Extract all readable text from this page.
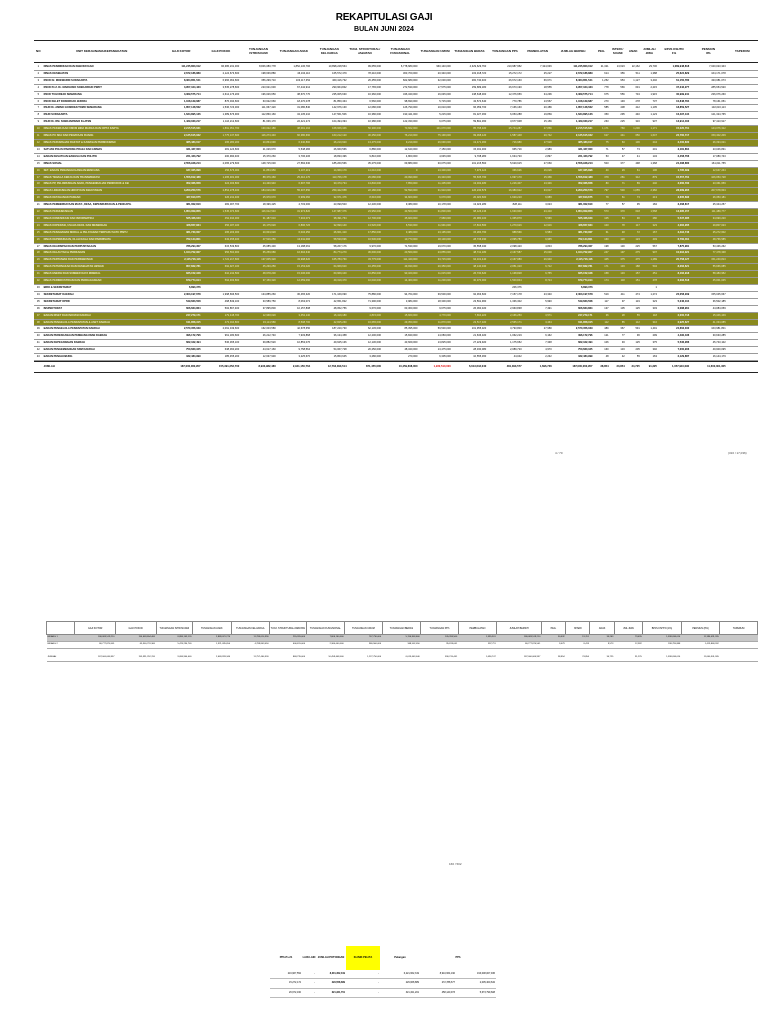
REKAPITULASI GAJI
BULAN JUNI 2024
NO	UNIT KERJA/NAMA/KEPANGKATAN	GAJI KOTOR	GAJI POKOK	TUNJANGAN ISTRI/SUAMI	TUNJANGAN ANAK	TUNJANGAN KELUARGA	TUNJ. STRUKTURAL/ JABATAN	TUNJANGAN FUNGSIONAL	TUNJANGAN UMUM	TUNJANGAN BERAS	TUNJANGAN PPh	PEMBULATAN	JUMLAH BERSIH	PEG.	ISTERI / SUAMI	ANAK	JUMLAH JIWA	BPJS KSHTN
1%	PENSIUN
8%	TAPERUM

1	DINAS PENDIDIKAN DAN KEBUDAYAAN	111,245,803,012	96,386,231,300	8,846,080,778	1,852,136,796	10,898,228,564	99,655,000	6,778,680,000	960,140,000	4,329,629,760	210,987,952	7,324,636	111,245,803,012	21,321	13,623	22,162	29,706	1,089,948,818	7,040,023,343	
2	DINAS KESEHATAN	2,672,186,889	2,124,673,600	198,636,880	46,164,110	165,572,479	78,210,000	303,700,000	20,340,000	103,318,720	15,272,172	25,227	2,672,186,889	614	356	511	1,388	25,624,829	164,171,078	
3	RSUD Dr. MOEWARDI SURAKARTA	8,364,851,541	6,966,062,600	356,299,710	103,117,352	460,416,732	26,455,000	822,680,000	32,030,000	282,740,400	26,672,160	66,671	8,364,851,541	1,252	953	1,127	3,402	61,150,780	433,081,073	
4	RSUD Prof. Dr. MARGONO SOEKARDJO PWKT	3,957,344,433	3,535,278,600	223,621,630	67,442,912	290,964,842	17,765,000	272,530,000	17,575,000	159,689,180	26,673,190	18,555	3,957,344,433	778	566	631	2,215	37,242,277	285,654,520	
5	RSUD TUGUREJO SEMARANG	3,369,575,714	2,612,176,200	196,026,650	38,670,770	235,005,630	16,360,000	346,340,000	16,045,000	138,648,300	12,376,656	34,296	3,369,575,714	675	556	734	1,915	30,999,941	236,076,260	
6	RSUD KELET DONOROJO JEPARA	1,108,129,687	876,034,600	63,622,660	18,470,078	81,850,434	6,560,000	98,690,000	5,715,000	43,574,640	770,786	13,567	1,108,129,687	270	193	278	737	10,848,784	78,161,051	
7	RSJD Dr. AMINO GONDOHUTOMO SEMARANG	1,857,148,562	1,536,723,300	111,667,420	31,080,840	142,976,130	12,080,000	126,790,000	10,010,000	66,059,700	7,166,160	20,486	1,857,148,562	585	408	412	1,105	18,859,527	132,016,113	
8	RSJD SURAKARTA	1,634,895,136	1,389,676,900	112,860,160	34,135,210	147,561,506	16,380,000	193,441,000	5,215,000	81,327,360	6,053,288	19,869	1,634,895,136	350	295	440	1,123	16,497,134	121,324,765	
9	RSJD Dr. RM. SOEDJARWADI KLATEN	1,429,030,217	1,116,212,600	81,636,170	22,421,274	104,494,394	10,380,000	122,330,000	6,075,000	59,891,360	3,677,608	15,166	1,429,030,217	263	225	316	937	13,914,402	97,413,917	
10	DINAS PEKERJAAN UMUM BINA MARGA DAN CIPTA KARYA	2,215,515,631	1,891,051,700	130,022,180	38,091,164	168,666,346	56,390,000	70,662,000	101,070,000	85,768,320	25,744,287	27,866	2,215,515,631	1,171	760	1,200	1,171	15,220,761	144,076,312	
11	DINAS PU SDA DAN PENATAAN RUANG	2,135,615,032	1,775,137,600	116,273,440	66,380,660	163,212,120	30,250,000	76,210,000	75,190,000	99,068,120	1,587,448	20,742	2,135,615,032	617	441	650	1,647	22,760,717	150,402,209	
12	DINAS PERUMAHAN RAKYAT & KAWASAN PERMUKIMAN	385,483,017	295,280,200	20,864,690	6,340,890	26,210,920	13,475,000	9,219,000	26,690,000	13,471,360	716,980	17,520	385,483,017	75	63	106	244	3,400,830	26,394,021	
13	SATUAN POLISI PAMONG PRAJA DAN LINMAS	331,427,000	281,124,600	21,026,670	5,548,286	26,660,566	6,880,000	12,640,000	7,150,000	15,031,300	965,719	2,989	331,427,000	71	57	73	201	3,181,864	23,046,831	
14	BADAN KESATUAN BANGSA DAN POLITIK	221,423,792	200,990,400	15,370,260	3,706,236	18,833,496	9,810,000	4,800,000	4,645,000	9,708,280	1,634,720	2,897	221,423,792	53	47	41	134	2,458,766	17,080,743	
15	DINAS SOSIAL	2,556,948,213	2,065,279,600	148,715,030	27,584,630	185,260,566	35,275,000	69,880,000	30,075,000	101,215,560	5,629,915	27,660	2,556,948,213	503	377	498	1,368	24,488,880	161,011,755	
16	SET. BADAN PENANGGULANGAN BENCANA	187,365,898	156,676,000	11,853,950	3,107,219	14,960,179	14,010,000	0	13,300,000	7,976,124	366,626	16,026	187,365,898	40	29	61	106	1,785,399	12,647,244	
17	DINAS TENAGA KERJA DAN TRANSMIGRASI	1,556,812,488	1,265,481,300	88,376,460	25,410,170	113,766,178	26,080,000	20,090,000	16,340,000	55,635,760	1,697,170	15,366	1,556,812,488	379	281	312	879	15,557,761	106,053,728	
18	DINAS PP, PELINDUNGAN ANAK, PENGENDALIAN PENDUDUK & KB	352,366,658	324,033,800	24,430,940	6,697,796	30,473,734	13,840,000	7,850,000	11,405,000	13,032,480	1,216,407	13,346	352,366,658	80	71	89	240	3,060,790	23,361,659	
19	DINAS LINGKUNGAN HIDUP DAN KEHUTANAN	3,200,250,576	2,854,278,400	184,616,080	55,307,650	259,422,658	22,180,000	52,590,000	31,910,000	126,230,576	16,380,912	33,617	3,200,250,576	797	530	1,055	2,382	28,089,965	207,678,604	
20	DINAS KETAHANAN PANGAN	427,813,675	326,241,400	25,970,670	6,999,060	32,971,476	8,616,000	34,600,000	6,070,000	20,020,600	1,620,210	6,689	427,813,675	79	61	73	213	3,605,692	26,353,181	
21	DINAS PEMBERDAYAAN MASY., DESA, KEPENDUDUKAN & PENCAPIL	381,002,810	282,007,700	18,396,425	4,703,000	23,099,503	12,230,000	9,380,000	10,178,000	13,023,280	828,111	3,023	381,002,810	77	57	95	184	3,468,817	25,344,257	
22	DINAS PERHUBUNGAN	1,854,009,856	1,545,074,600	116,612,540	31,974,820	147,987,376	23,950,000	43,500,000	31,800,000	68,126,136	1,630,900	23,410	1,854,009,856	573	370	618	1,568	13,385,157	111,489,777	
23	DINAS KOMUNIKASI DAN INFORMATIKA	525,426,043	452,944,300	31,187,610	7,304,073	38,491,764	12,700,000	45,920,000	7,980,000	20,980,100	1,365,870	5,566	525,426,043	105	84	90	280	5,537,385	34,990,220	
24	DINAS KOPERASI, USAHA KECIL DAN MENENGAH	428,657,834	356,187,100	26,175,620	6,896,726	32,990,140	13,520,000	6,530,000	11,991,000	17,810,560	1,270,916	12,916	428,657,834	103	78	117	323	4,284,265	29,807,023	
25	DINAS PENANAMAN MODAL & PELAYANAN TERPADU SATU PINTU	381,730,007	295,203,300	20,604,620	6,034,250	26,601,410	17,850,000	3,480,000	13,195,000	15,284,760	988,569	6,583	381,730,007	61	48	72	167	3,494,746	25,272,602	
26	DINAS KEPEMUDAAN, OLAH RAGA DAN PARIWISATA	762,144,801	643,455,400	47,516,250	10,911,096	58,530,696	16,530,000	10,773,000	18,130,000	28,736,330	2,095,780	6,965	762,144,801	160	120	123	403	6,760,461	48,766,585	
27	DINAS KEARSIPAN DAN PERPUSTAKAAN	786,294,307	615,539,800	45,085,430	13,188,061	58,267,176	9,970,000	71,530,000	19,670,000	35,558,040	2,098,420	4,843	786,294,307	198	130	225	567	7,875,981	53,436,262	
28	DINAS KELAUTAN & PERIKANAN	1,104,702,907	956,560,900	65,259,680	16,694,640	84,774,270	36,600,000	20,560,000	23,855,000	48,741,180	2,167,587	15,030	1,104,702,907	247	197	275	907	10,094,021	77,478,338	
29	DINAS PERTANIAN DAN PERKEBUNAN	2,115,716,116	1,722,217,600	137,005,320	43,998,620	165,783,760	33,775,000	111,440,000	33,715,000	94,101,440	2,167,080	26,940	2,115,716,116	445	375	475	1,289	20,758,127	151,240,813	
30	DINAS PETERNAKAN DAN KESEHATAN HEWAN	857,822,781	692,927,100	45,230,250	15,153,020	64,969,910	16,455,000	49,930,000	20,350,000	38,140,040	2,051,310	6,712	857,822,781	171	133	188	504	8,262,621	55,666,085	
31	DINAS ENERGI DAN SUMBER DAYA MINERAL	835,152,348	610,242,500	48,678,200	15,036,000	60,969,100	16,850,000	93,320,000	11,015,000	26,730,620	1,138,828	6,755	835,152,348	158	133	157	451	8,162,918	58,483,952	
32	DINAS PERINDUSTRIAN DAN PERDAGANGAN	679,774,914	594,933,800	37,150,320	12,059,060	49,319,470	10,040,000	14,460,000	11,200,000	30,370,000	1,500,844	8,714	679,774,914	174	118	151	478	6,293,518	45,001,045	
33	BIRO & SEKRETARIAT	6,893,376									206,376		6,893,376				1			
34	SEKRETARIAT DAERAH	2,303,197,678	1,998,696,500	134,885,260	36,465,320	171,169,090	75,880,000	94,764,000	39,500,000	92,363,600	7,157,178	23,340	2,303,197,678	519	411	474	1,274	22,058,299	155,045,667	
35	SEKRETARIAT DPRD	549,663,508	468,849,100	33,589,750	8,063,072	42,651,822	71,390,000	3,984,000	18,300,000	23,591,960	1,336,302	5,990	549,663,508	117	97	119	323	5,246,104	36,502,185	
36	INSPEKTORAT	606,664,864	502,867,400	37,895,800	10,157,808	48,052,756	9,670,000	63,360,000	9,675,000	26,060,320	2,963,838	7,491	606,664,864	137	105	125	303	6,088,961	44,084,059	
37	BADAN RISET DAN INOVASI DAERAH	247,279,171	179,448,700	12,968,020	3,452,140	16,419,180	4,815,000	15,660,000	4,770,000	7,664,220	2,166,250	3,571	247,279,171	36	28	55	118	2,000,718	15,346,449	
38	BADAN PENGELOLA PENDAPATAN & ASET DAERAH	611,858,315	473,034,800	33,114,580	8,508,700	42,825,260	16,665,000	29,350,000	11,870,000	23,517,320	2,565,171	3,464	611,858,315	112	85	112	316	2,925,627	41,334,085	
39	BADAN PENGELOLA PENDAPATAN DAERAH	2,570,356,039	2,091,349,600	162,003,580	42,678,650	187,220,730	62,145,000	85,395,000	59,530,000	101,955,320	3,793,800	27,980	2,570,356,039	489	367	591	1,491	24,663,032	163,981,801	
40	BADAN PERENCANAAN PEMBANGUNAN DAERAH	396,172,796	961,180,600	26,212,740	7,933,868	36,134,458	12,200,000	15,840,000	14,083,000	21,636,320	1,062,219	6,162	396,172,796	121	77	96	299	4,490,436	30,633,285	
41	BADAN KEPEGAWAIAN DAERAH	662,342,494	536,365,100	39,882,520	10,853,076	49,625,136	12,130,000	43,669,000	13,825,000	27,229,920	1,175,652	7,338	662,342,494	106	93	125	375	5,536,286	45,743,102	
42	BADAN PENGEMBANGAN SDM DAERAH	750,660,345	638,360,200	44,617,160	9,758,564	54,067,728	20,250,000	48,340,000	13,475,000	28,330,080	2,089,720	4,970	750,660,345	160	133	205	392	7,000,906	49,900,095	
43	BADAN PENGHUBUNG	332,484,999	185,455,200	12,637,930	3,225,670	15,863,645	3,280,000	270,000	6,305,000	10,555,360	44,042	2,232	332,484,999	48	42	55	163	2,129,887	16,144,179	

	JUMLAH	187,000,060,957	155,391,252,700	8,933,982,480	2,941,150,764	12,763,093,514	871,455,000	10,459,608,000	1,222,510,000	6,613,643,040	481,093,577	1,696,736	187,000,060,957	38,854	23,854	34,725	91,225	1,057,910,090	11,600,301,305	
4 / 70	(316 / 17,036)
	GAJI KOTOR	GAJI POKOK	TUNJANGAN ISTRI/SUAMI	TUNJANGAN ANAK	TUNJANGAN KELUARGA	TUNJ. STRUKTURAL/JABATAN	TUNJANGAN FUNGSIONAL	TUNJANGAN UMUM	TUNJANGAN BERAS	TUNJANGAN PPh	PEMBULATAN	JUMLAH BERSIH	PEG.	ISTERI	ANAK	JML JIWA	BPJS KSHTN (1%)	PENSIUN (8%)	TAPERUM
BIDANG 1	186,083,519,210	154,609,804,400	8,896,143,120	2,889,021,270	11,785,614,390	255,265,000	7,806,160,000	767,730,000	5,706,803,660	105,284,500	1,395,301	186,083,519,210	30,632	19,701	35,263	79,495	1,598,036,014	11,396,491,265	
BIDANG 2	80,777,870,501	65,300,731,300	5,476,234,740	1,321,095,650	4,789,843,450	606,615,000	2,360,000,000	980,560,000	348,502,050	95,819,041	397,711	80,777,870,501	9,679	8,413	9,573	12,382	198,795,888	1,419,868,262	

JUMLAH	187,000,060,957	155,391,252,700	9,096,904,040	2,669,393,340	11,757,464,530	868,735,000	10,459,608,000	1,227,750,000	6,613,643,040	590,215,441	1,696,747	187,000,060,957	38,854	23,854	34,725	91,225	1,598,036,014	11,600,301,305	
166 / 502
PPh.Ps.21	LAIN LAIN	JUMLAH POTONGAN	KLINIK PELITA	Pelangan	PPh	
216,967,552	-	8,301,362,319	-	6,221,662,319	8,910,664,190	193,008,007,936
15,272,172	-	229,558,689	-	229,668,889	272,788,677	2,005,400,632
26,672,160	-	321,321,701	-	321,321,201	458,140,973	5,673,799,608
